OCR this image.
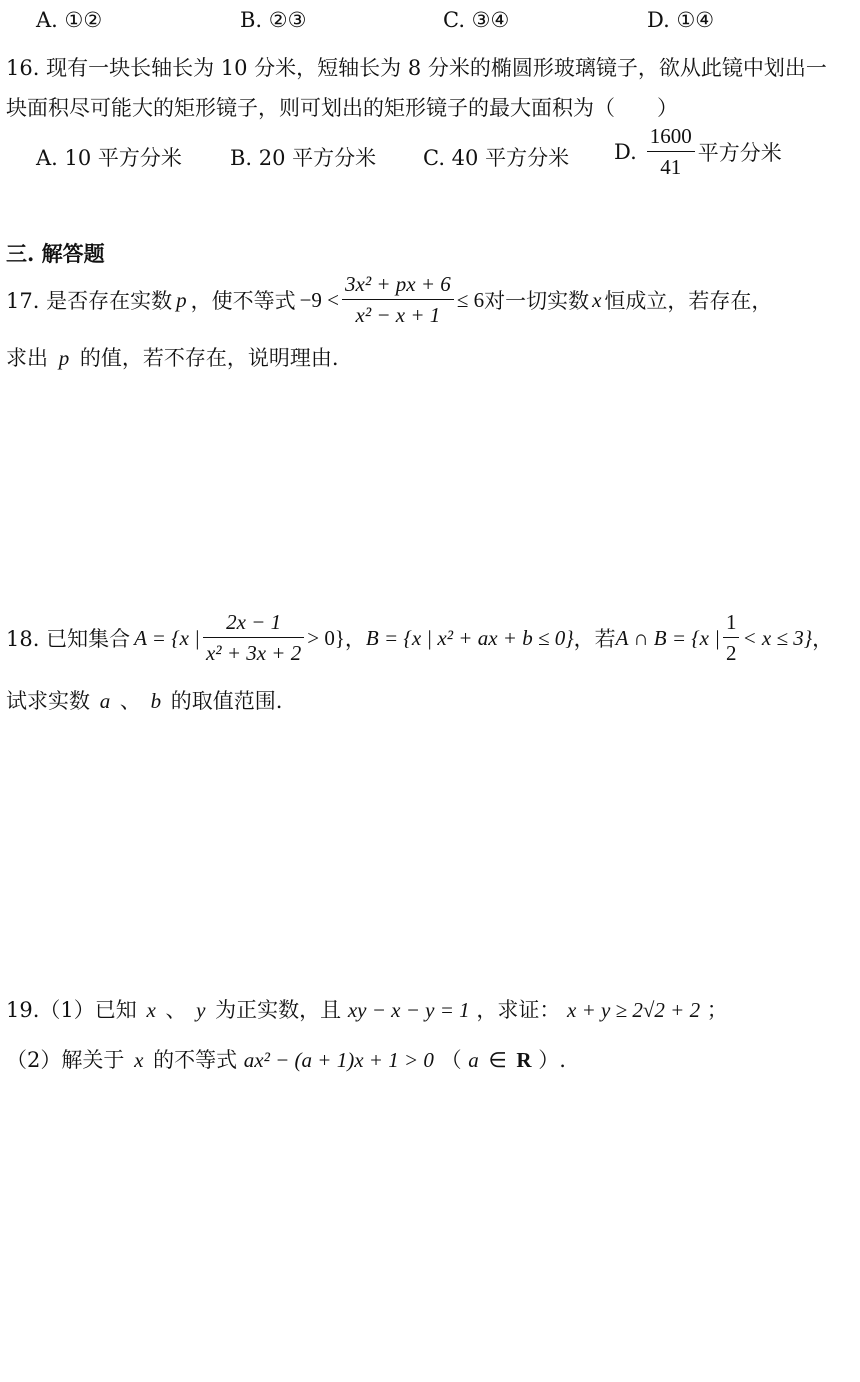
A. ①②	B. ②③	C. ③④	D. ①④
16. 现有一块长轴长为 10 分米，短轴长为 8 分米的椭圆形玻璃镜子，欲从此镜中划出一
块面积尽可能大的矩形镜子，则可划出的矩形镜子的最大面积为（　　）
A. 10 平方分米 B. 20 平方分米 C. 40 平方分米 D. $\frac{1600}{41}$ 平方分米
三. 解答题
17. 是否存在实数 p ，使不等式 $-9 < \frac{\text{3x² + px + 6}}{\text{x² − x + 1}} \le 6$ 对一切实数 x 恒成立，若存在，
求出 p 的值，若不存在，说明理由.
18. 已知集合 A = {x | $\frac{2x - 1}{\text{x² + 3x + 2}} > 0$} ， B = {x | x² + ax + b ≤ 0} ，若 A ∩ B = {x | $\frac{1}{2} < x \le 3$} ，
试求实数 a 、 b 的取值范围.
19.（1）已知 x 、 y 为正实数，且 xy − x − y = 1 ，求证： x + y ≥ 2√2 + 2 ；
（2）解关于 x 的不等式 ax² − (a + 1)x + 1 > 0 （ a ∈ R ）.
